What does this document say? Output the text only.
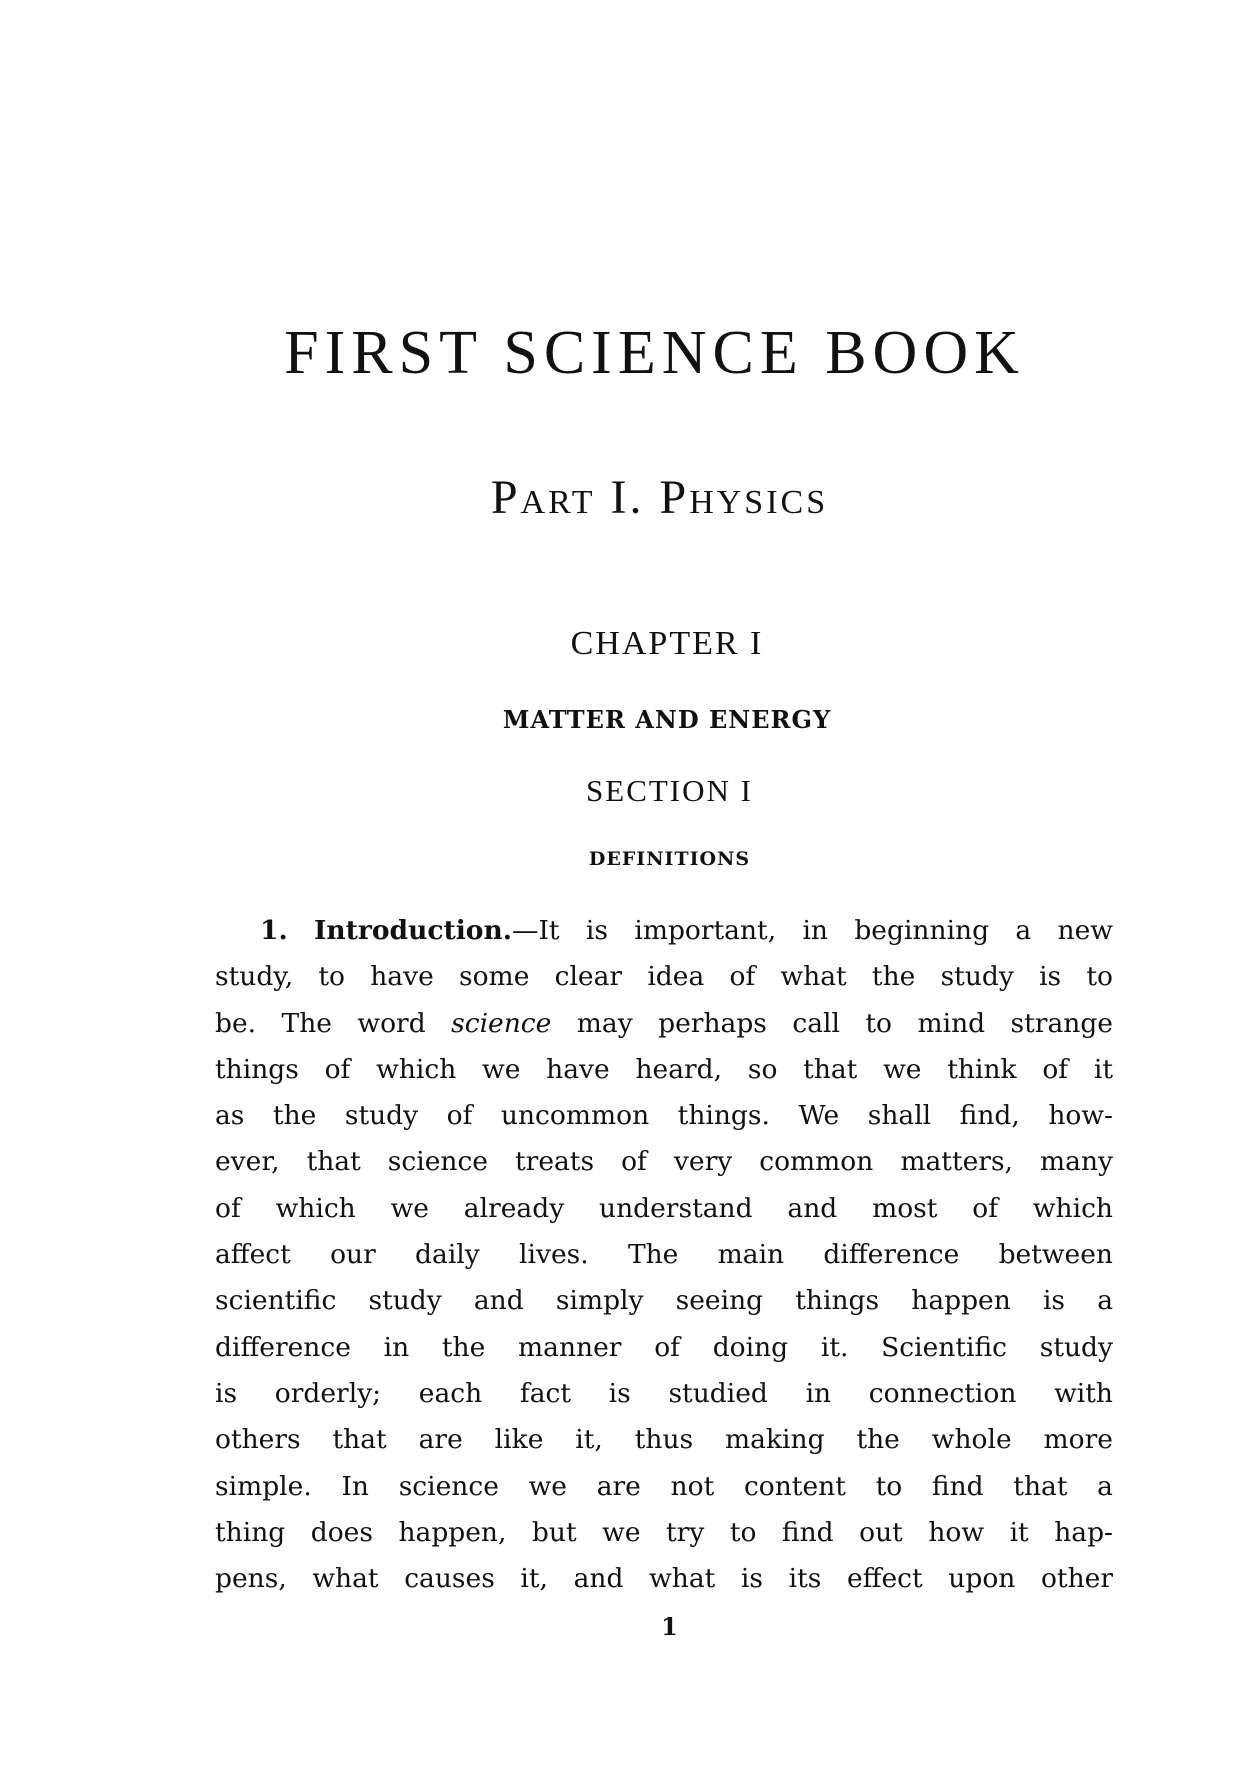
FIRST SCIENCE BOOK
Part I. Physics
CHAPTER I
MATTER AND ENERGY
SECTION I
DEFINITIONS
1. Introduction.—It is important, in beginning a new
study, to have some clear idea of what the study is to
be. The word science may perhaps call to mind strange
things of which we have heard, so that we think of it
as the study of uncommon things. We shall find, how-
ever, that science treats of very common matters, many
of which we already understand and most of which
affect our daily lives. The main difference between
scientific study and simply seeing things happen is a
difference in the manner of doing it. Scientific study
is orderly; each fact is studied in connection with
others that are like it, thus making the whole more
simple. In science we are not content to find that a
thing does happen, but we try to find out how it hap-
pens, what causes it, and what is its effect upon other
1
